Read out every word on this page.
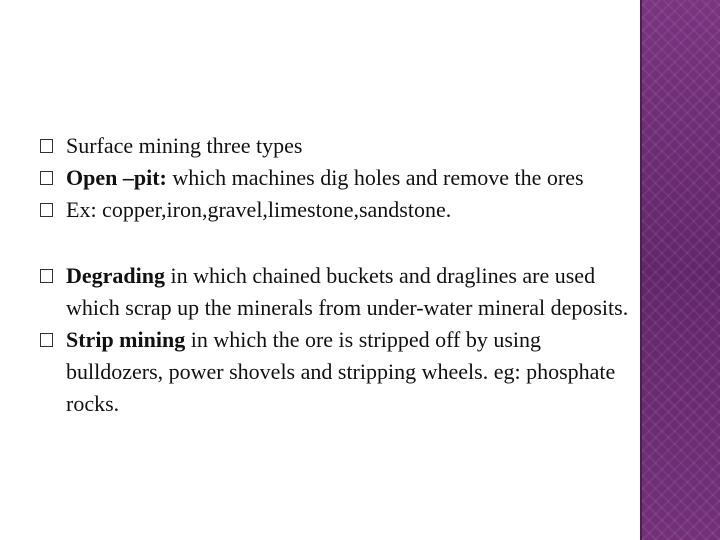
Surface mining three types
Open –pit: which machines dig holes and remove the ores
Ex: copper,iron,gravel,limestone,sandstone.
Degrading in which chained buckets and draglines are used which scrap up the minerals from under-water mineral deposits.
Strip mining in which the ore is stripped off by using bulldozers, power shovels and stripping wheels. eg: phosphate rocks.
